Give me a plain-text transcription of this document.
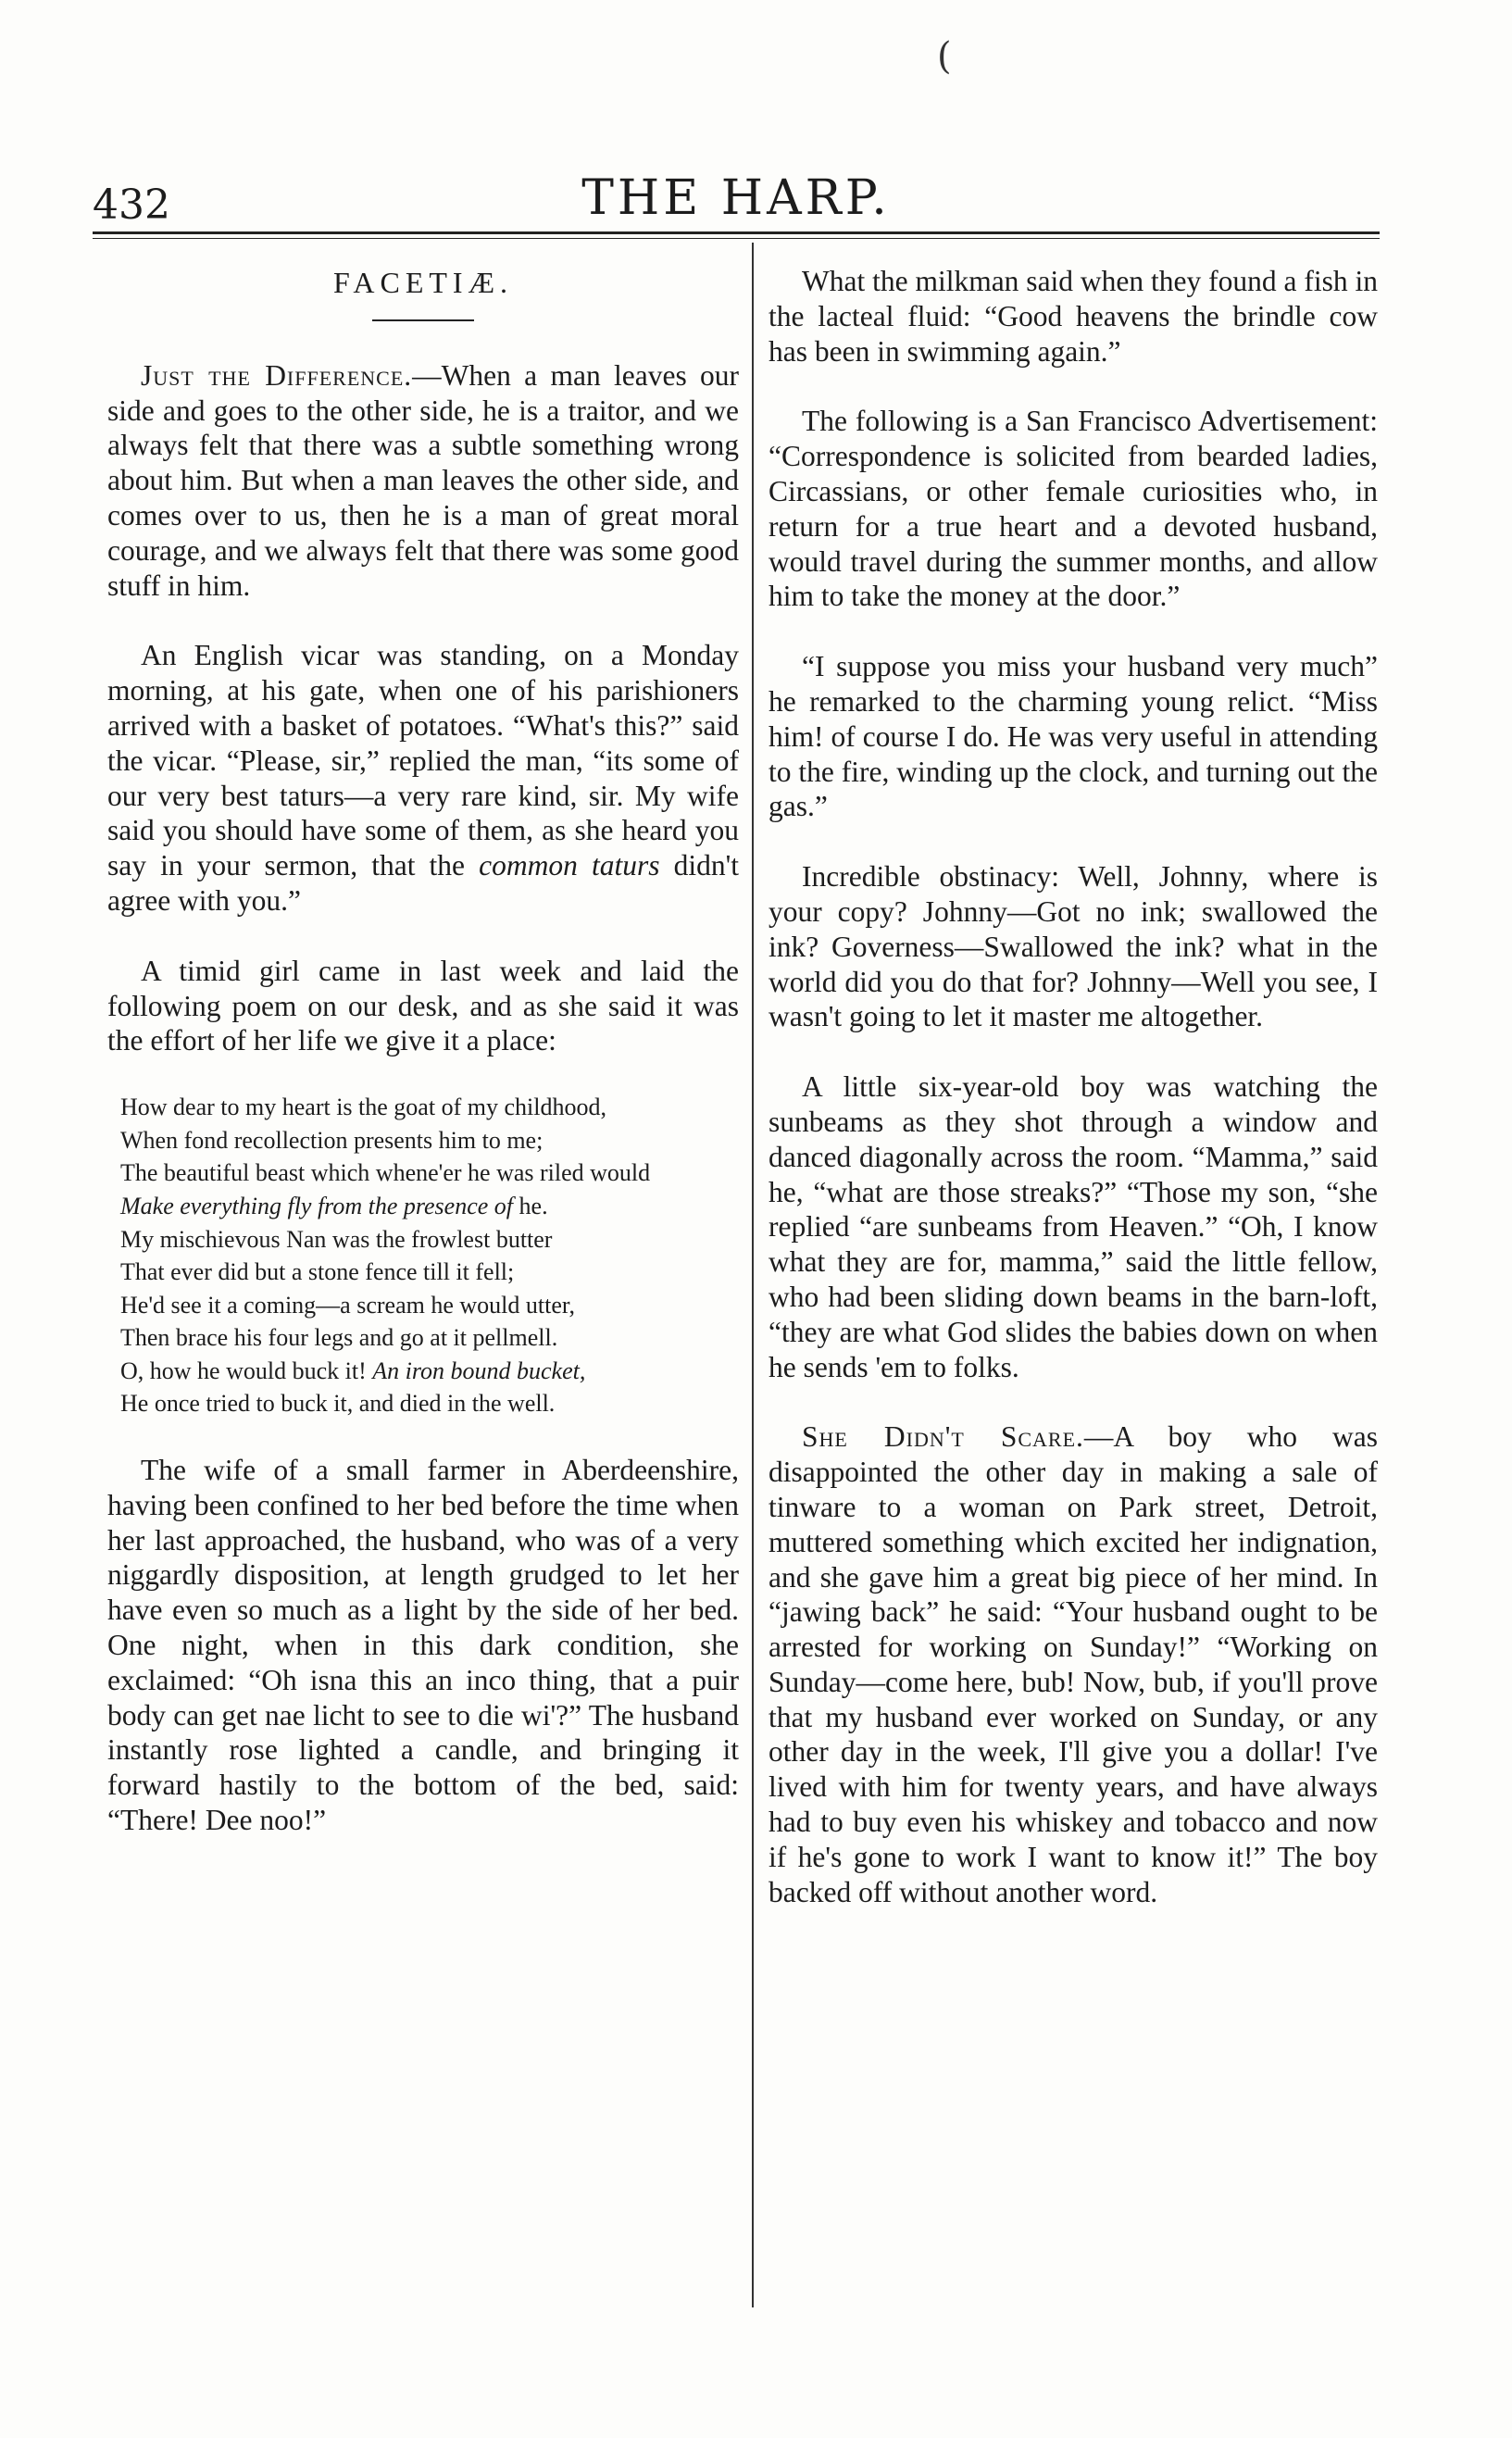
(
432	THE HARP.
FACETIÆ.

Just the Difference.—When a man leaves our side and goes to the other side, he is a traitor, and we always felt that there was a subtle something wrong about him. But when a man leaves the other side, and comes over to us, then he is a man of great moral courage, and we always felt that there was some good stuff in him.

An English vicar was standing, on a Monday morning, at his gate, when one of his parishioners arrived with a basket of potatoes. “What's this?” said the vicar. “Please, sir,” replied the man, “its some of our very best taturs—a very rare kind, sir. My wife said you should have some of them, as she heard you say in your sermon, that the common taturs didn't agree with you.”

A timid girl came in last week and laid the following poem on our desk, and as she said it was the effort of her life we give it a place:

How dear to my heart is the goat of my childhood,
When fond recollection presents him to me;
The beautiful beast which whene'er he was riled would
Make everything fly from the presence of he.
My mischievous Nan was the frowlest butter
That ever did but a stone fence till it fell;
He'd see it a coming—a scream he would utter,
Then brace his four legs and go at it pellmell.
O, how he would buck it! An iron bound bucket,
He once tried to buck it, and died in the well.

The wife of a small farmer in Aberdeenshire, having been confined to her bed before the time when her last approached, the husband, who was of a very niggardly disposition, at length grudged to let her have even so much as a light by the side of her bed. One night, when in this dark condition, she exclaimed: “Oh isna this an inco thing, that a puir body can get nae licht to see to die wi'?” The husband instantly rose lighted a candle, and bringing it forward hastily to the bottom of the bed, said: “There! Dee noo!”

What the milkman said when they found a fish in the lacteal fluid: “Good heavens the brindle cow has been in swimming again.”

The following is a San Francisco Advertisement: “Correspondence is solicited from bearded ladies, Circassians, or other female curiosities who, in return for a true heart and a devoted husband, would travel during the summer months, and allow him to take the money at the door.”

“I suppose you miss your husband very much” he remarked to the charming young relict. “Miss him! of course I do. He was very useful in attending to the fire, winding up the clock, and turning out the gas.”

Incredible obstinacy: Well, Johnny, where is your copy? Johnny—Got no ink; swallowed the ink? Governess—Swallowed the ink? what in the world did you do that for? Johnny—Well you see, I wasn't going to let it master me altogether.

A little six-year-old boy was watching the sunbeams as they shot through a window and danced diagonally across the room. “Mamma,” said he, “what are those streaks?” “Those my son, “she replied “are sunbeams from Heaven.” “Oh, I know what they are for, mamma,” said the little fellow, who had been sliding down beams in the barn-loft, “they are what God slides the babies down on when he sends 'em to folks.

She Didn't Scare.—A boy who was disappointed the other day in making a sale of tinware to a woman on Park street, Detroit, muttered something which excited her indignation, and she gave him a great big piece of her mind. In “jawing back” he said: “Your husband ought to be arrested for working on Sunday!” “Working on Sunday—come here, bub! Now, bub, if you'll prove that my husband ever worked on Sunday, or any other day in the week, I'll give you a dollar! I've lived with him for twenty years, and have always had to buy even his whiskey and tobacco and now if he's gone to work I want to know it!” The boy backed off without another word.
